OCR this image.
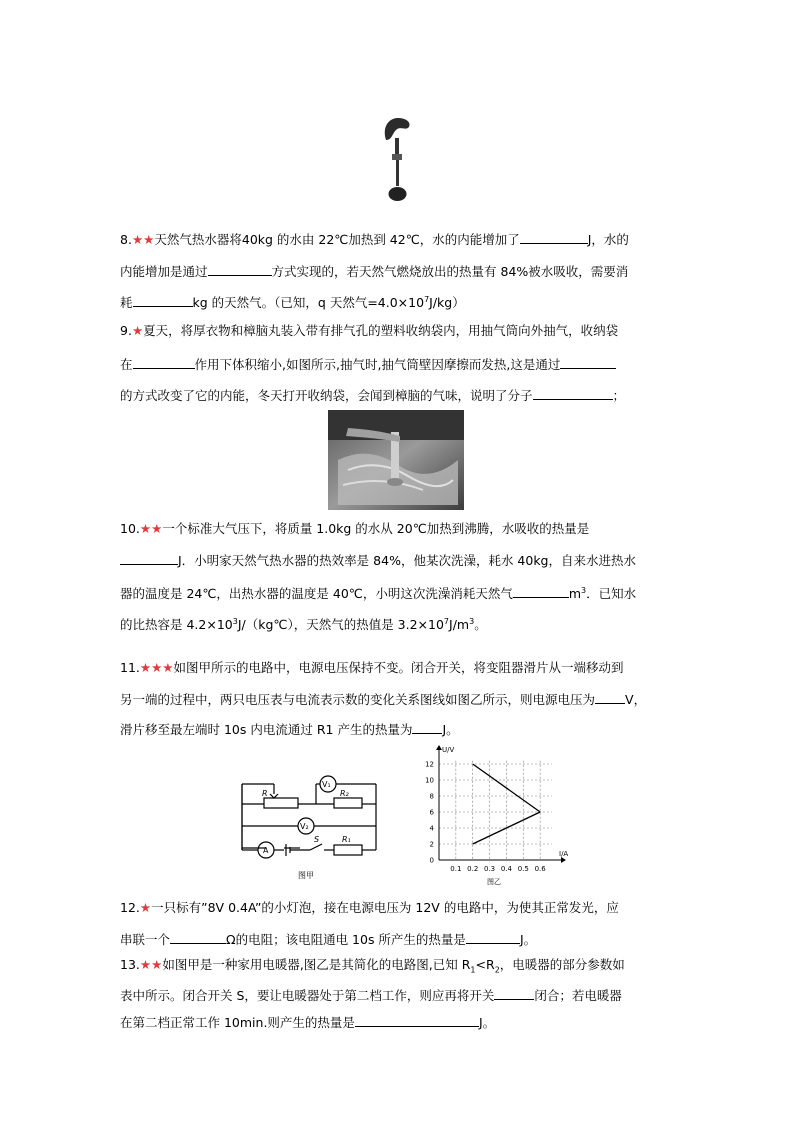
8.★★天然气热水器将40kg 的水由 22℃加热到 42℃，水的内能增加了	J，水的
内能增加是通过	方式实现的，若天然气燃烧放出的热量有 84%被水吸收，需要消
耗	kg 的天然气。（已知，q 天然气$=4.0\times 10^7J/kg$）
9.★夏天，将厚衣物和樟脑丸装入带有排气孔的塑料收纳袋内，用抽气筒向外抽气，收纳袋
在	作用下体积缩小,如图所示,抽气时,抽气筒壁因摩擦而发热,这是通过
的方式改变了它的内能，冬天打开收纳袋，会闻到樟脑的气味，说明了分子	；
10.★★一个标准大气压下，将质量 1.0kg 的水从 20℃加热到沸腾，水吸收的热量是
J．小明家天然气热水器的热效率是 84%，他某次洗澡，耗水 40kg，自来水进热水
器的温度是 24℃，出热水器的温度是 40℃，小明这次洗澡消耗天然气	$m^3$．已知水
的比热容是 $4.2\times 10^3J/(kg℃)$，天然气的热值是 $3.2\times 10^7J/m^3$。
11.★★★如图甲所示的电路中，电源电压保持不变。闭合开关，将变阻器滑片从一端移动到
另一端的过程中，两只电压表与电流表示数的变化关系图线如图乙所示，则电源电压为 V，
滑片移至最左端时 10s 内电流通过 R1 产生的热量为 J。
R	R₂
V₁
V₂
A
S	R₁
图甲
0.1 0.2 0.3 0.4 0.5 0.6
0
2
4
6
8
10
12
U/V
I/A
图乙
12.★一只标有”8V 0.4A”的小灯泡，接在电源电压为 12V 的电路中，为使其正常发光，应
串联一个	Ω的电阻；该电阻通电 10s 所产生的热量是	J。
13.★★如图甲是一种家用电暖器,图乙是其简化的电路图,已知 $R_1<R_2$，电暖器的部分参数如
表中所示。闭合开关 S，要让电暖器处于第二档工作，则应再将开关	闭合；若电暖器
在第二档正常工作 10min.则产生的热量是	J。
